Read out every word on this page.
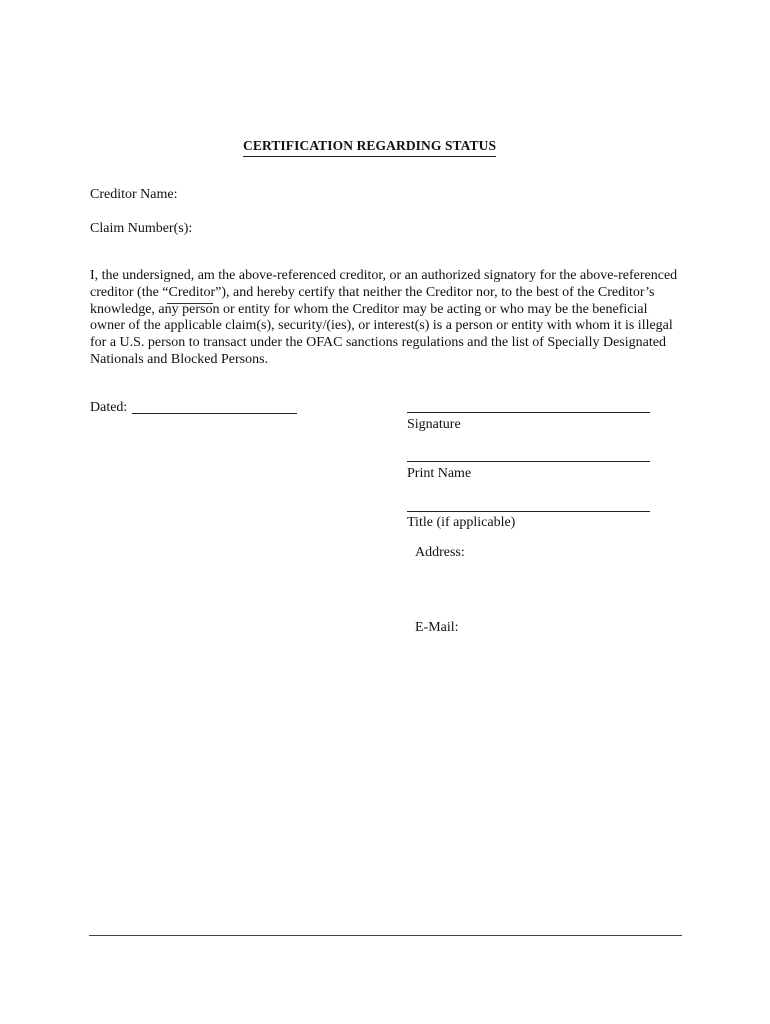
CERTIFICATION REGARDING STATUS
Creditor Name:
Claim Number(s):

I, the undersigned, am the above-referenced creditor, or an authorized signatory for the above-referenced

creditor (the “Creditor”), and hereby certify that neither the Creditor nor, to the best of the Creditor’s

knowledge, any person or entity for whom the Creditor may be acting or who may be the beneficial

owner of the applicable claim(s), security/(ies), or interest(s) is a person or entity with whom it is illegal

for a U.S. person to transact under the OFAC sanctions regulations and the list of Specially Designated

Nationals and Blocked Persons.

Dated:
Signature
Print Name
Title (if applicable)
Address:
E-Mail:
